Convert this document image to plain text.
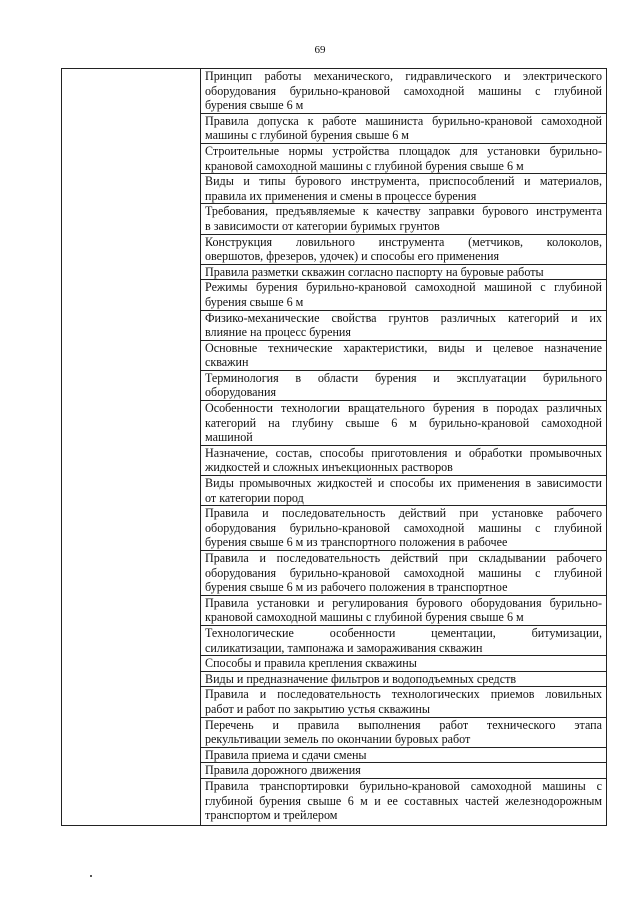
69
Принцип работы механического, гидравлического и электрического
оборудования бурильно-крановой самоходной машины с глубиной
бурения свыше 6 м
Правила допуска к работе машиниста бурильно-крановой самоходной
машины с глубиной бурения свыше 6 м
Строительные нормы устройства площадок для установки бурильно-
крановой самоходной машины с глубиной бурения свыше 6 м
Виды и типы бурового инструмента, приспособлений и материалов,
правила их применения и смены в процессе бурения
Требования, предъявляемые к качеству заправки бурового инструмента
в зависимости от категории буримых грунтов
Конструкция ловильного инструмента (метчиков, колоколов,
овершотов, фрезеров, удочек) и способы его применения
Правила разметки скважин согласно паспорту на буровые работы
Режимы бурения бурильно-крановой самоходной машиной с глубиной
бурения свыше 6 м
Физико-механические свойства грунтов различных категорий и их
влияние на процесс бурения
Основные технические характеристики, виды и целевое назначение
скважин
Терминология в области бурения и эксплуатации бурильного
оборудования
Особенности технологии вращательного бурения в породах различных
категорий на глубину свыше 6 м бурильно-крановой самоходной
машиной
Назначение, состав, способы приготовления и обработки промывочных
жидкостей и сложных инъекционных растворов
Виды промывочных жидкостей и способы их применения в зависимости
от категории пород
Правила и последовательность действий при установке рабочего
оборудования бурильно-крановой самоходной машины с глубиной
бурения свыше 6 м из транспортного положения в рабочее
Правила и последовательность действий при складывании рабочего
оборудования бурильно-крановой самоходной машины с глубиной
бурения свыше 6 м из рабочего положения в транспортное
Правила установки и регулирования бурового оборудования бурильно-
крановой самоходной машины с глубиной бурения свыше 6 м
Технологические особенности цементации, битумизации,
силикатизации, тампонажа и замораживания скважин
Способы и правила крепления скважины
Виды и предназначение фильтров и водоподъемных средств
Правила и последовательность технологических приемов ловильных
работ и работ по закрытию устья скважины
Перечень и правила выполнения работ технического этапа
рекультивации земель по окончании буровых работ
Правила приема и сдачи смены
Правила дорожного движения
Правила транспортировки бурильно-крановой самоходной машины с
глубиной бурения свыше 6 м и ее составных частей железнодорожным
транспортом и трейлером
